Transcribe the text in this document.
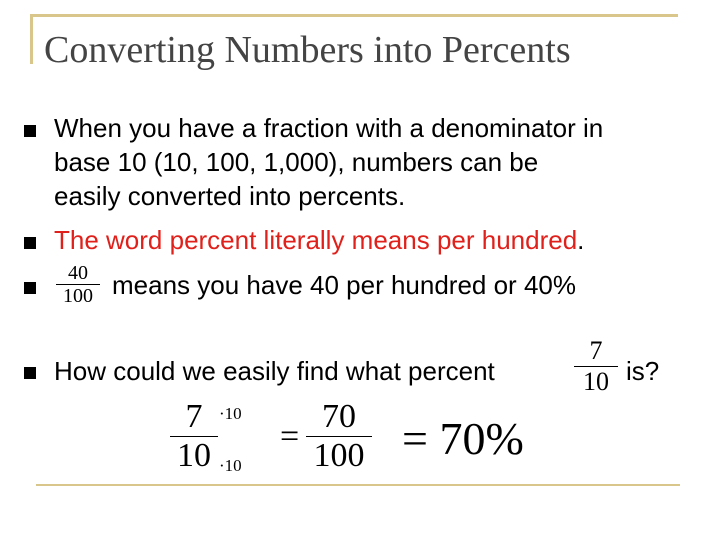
Converting Numbers into Percents
When you have a fraction with a denominator in
base 10 (10, 100, 1,000), numbers can be
easily converted into percents.
The word percent literally means per hundred.
40
100 means you have 40 per hundred or 40%
How could we easily find what percent
7
10 is?
7
10
·10
·10
=
70
100 = 70%
